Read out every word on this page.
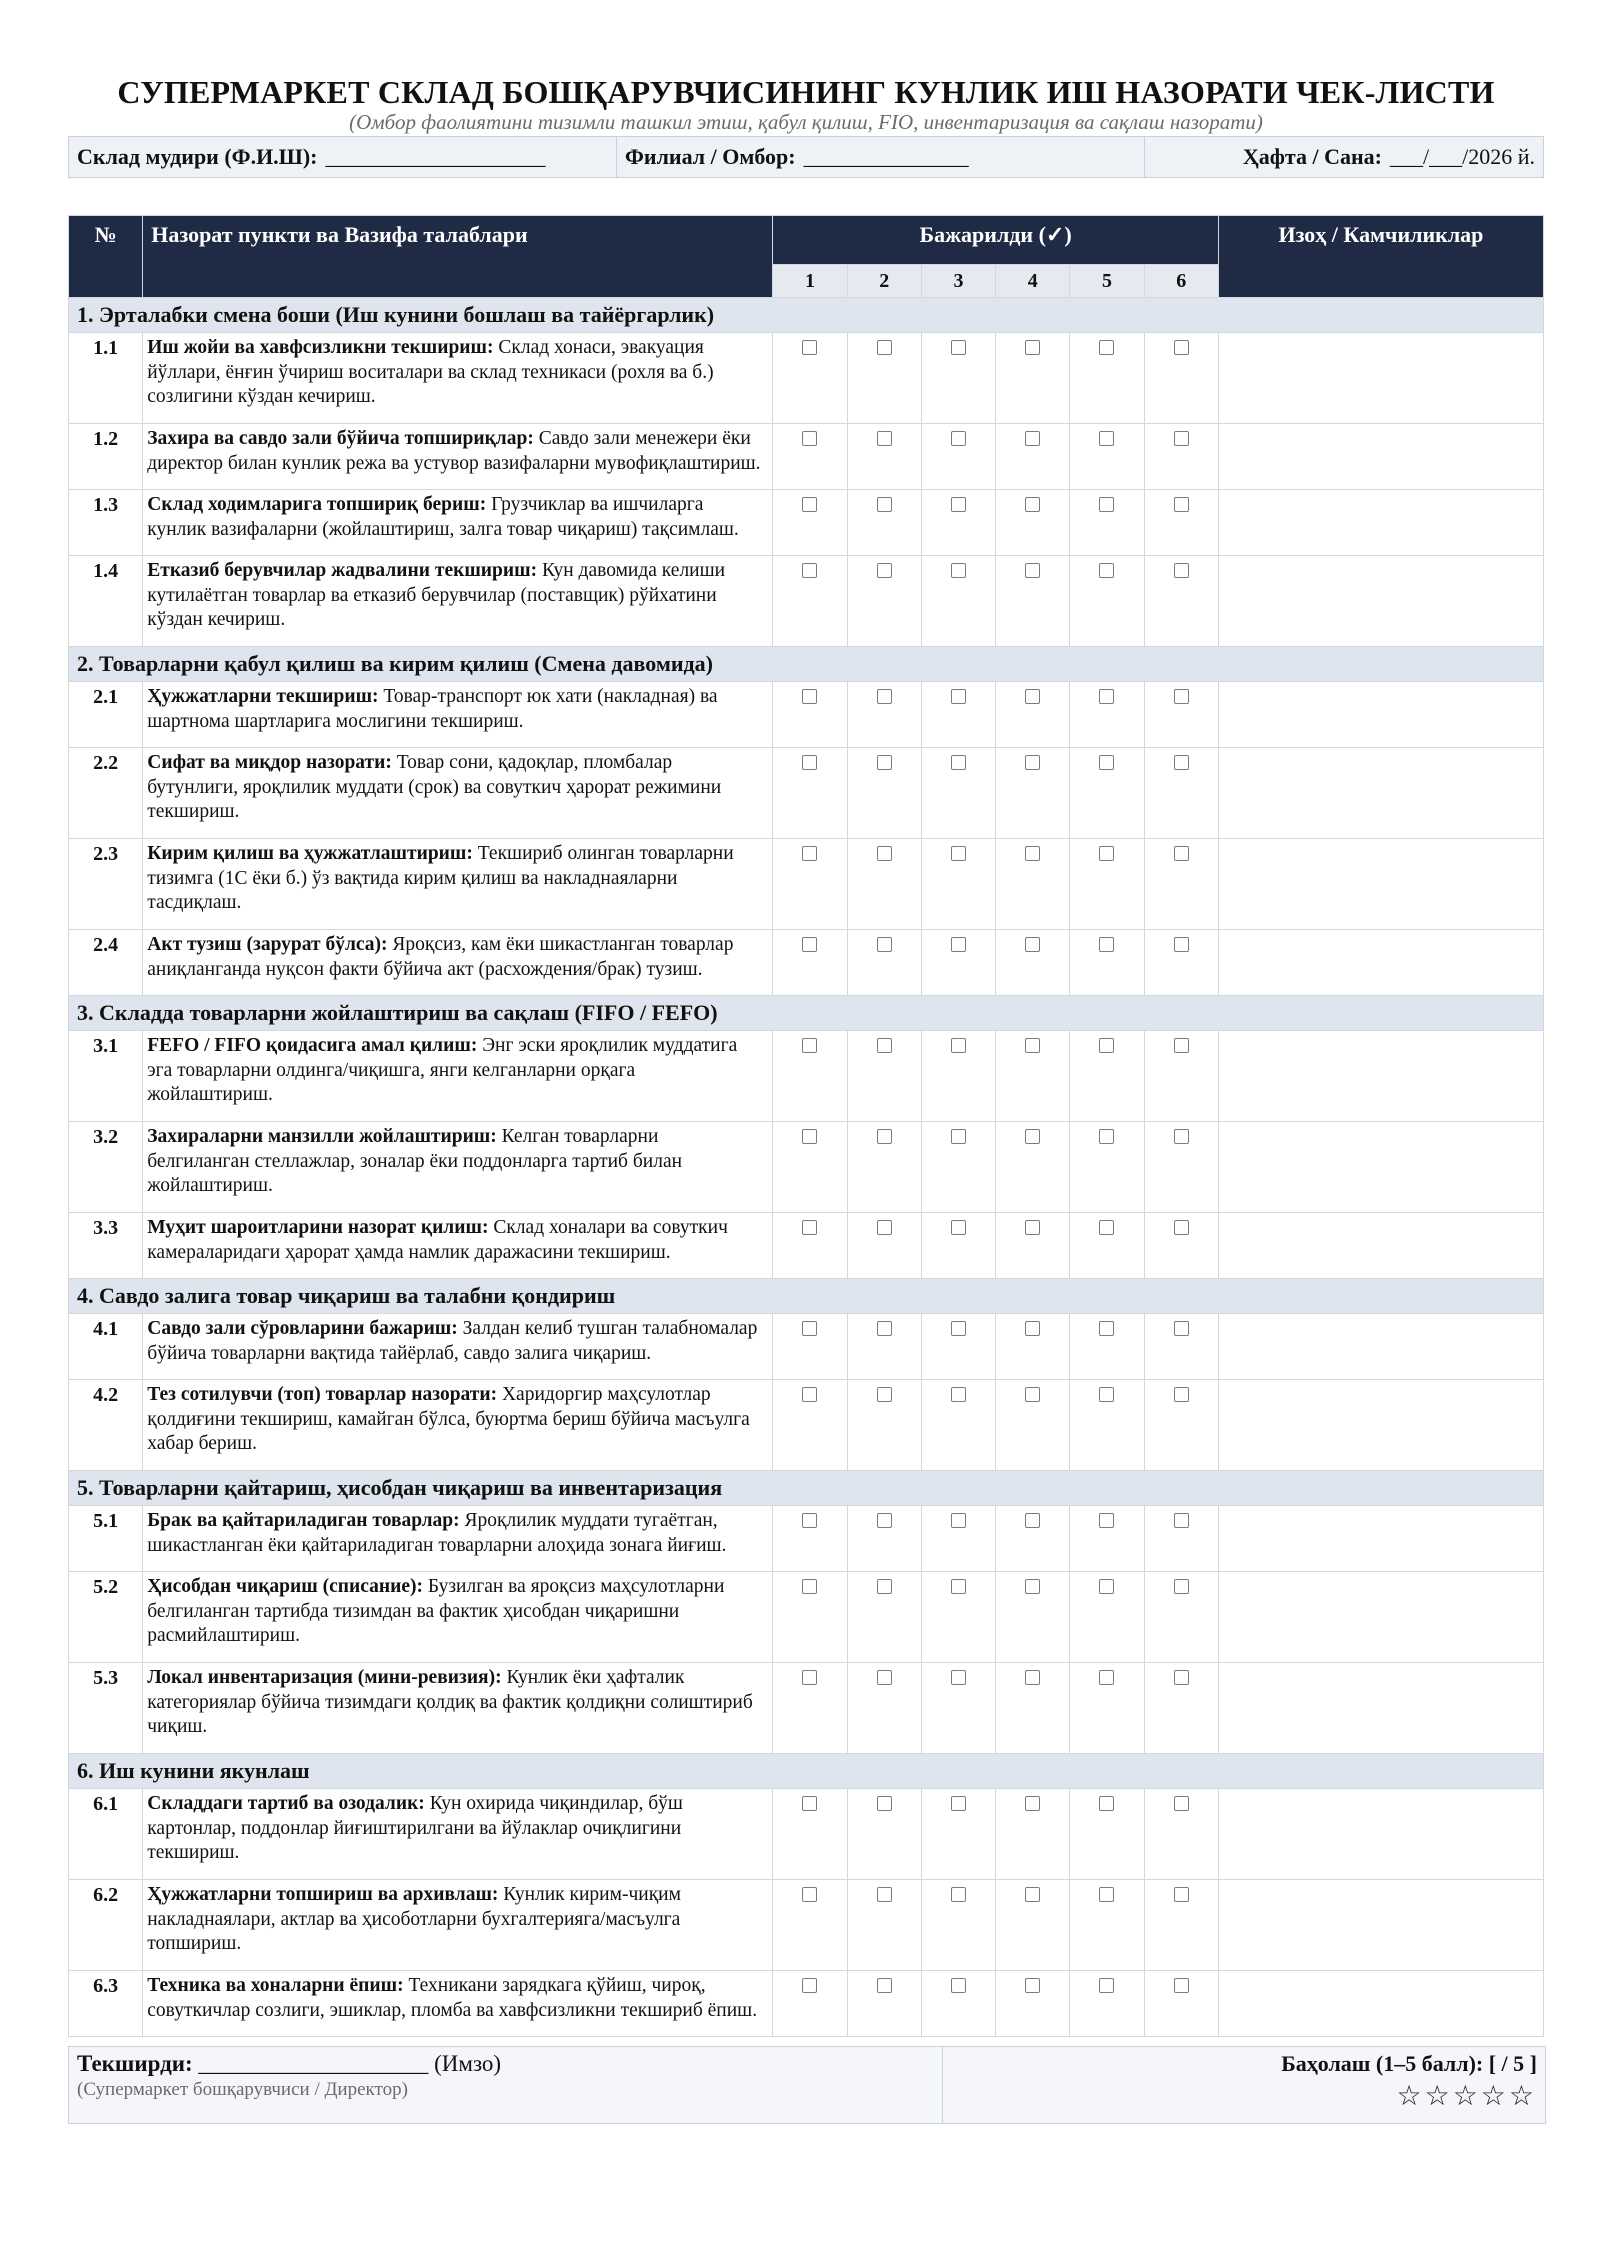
СУПЕРМАРКЕТ СКЛАД БОШҚАРУВЧИСИНИНГ КУНЛИК ИШ НАЗОРАТИ ЧЕК-ЛИСТИ
(Омбор фаолиятини тизимли ташкил этиш, қабул қилиш, FIO, инвентаризация ва сақлаш назорати)
Склад мудири (Ф.И.Ш): ____________________	Филиал / Омбор: _______________	Ҳафта / Сана: ___/___/2026 й.
№	Назорат пункти ва Вазифа талаблари	Бажарилди (✓)						Изоҳ / Камчиликлар
		1	2	3	4	5	6	
1. Эрталабки смена боши (Иш кунини бошлаш ва тайёргарлик)								
1.1	Иш жойи ва хавфсизликни текшириш: Склад хонаси, эвакуация йўллари, ёнғин ўчириш воситалари ва склад техникаси (рохля ва б.) созлигини кўздан кечириш.							
1.2	Захира ва савдо зали бўйича топшириқлар: Савдо зали менежери ёки директор билан кунлик режа ва устувор вазифаларни мувофиқлаштириш.							
1.3	Склад ходимларига топшириқ бериш: Грузчиклар ва ишчиларга кунлик вазифаларни (жойлаштириш, залга товар чиқариш) тақсимлаш.							
1.4	Етказиб берувчилар жадвалини текшириш: Кун давомида келиши кутилаётган товарлар ва етказиб берувчилар (поставщик) рўйхатини кўздан кечириш.							
2. Товарларни қабул қилиш ва кирим қилиш (Смена давомида)								
2.1	Ҳужжатларни текшириш: Товар-транспорт юк хати (накладная) ва шартнома шартларига мослигини текшириш.							
2.2	Сифат ва миқдор назорати: Товар сони, қадоқлар, пломбалар бутунлиги, яроқлилик муддати (срок) ва совуткич ҳарорат режимини текшириш.							
2.3	Кирим қилиш ва ҳужжатлаштириш: Текшириб олинган товарларни тизимга (1С ёки б.) ўз вақтида кирим қилиш ва накладнаяларни тасдиқлаш.							
2.4	Акт тузиш (зарурат бўлса): Яроқсиз, кам ёки шикастланган товарлар аниқланганда нуқсон факти бўйича акт (расхождения/брак) тузиш.							
3. Складда товарларни жойлаштириш ва сақлаш (FIFO / FEFO)								
3.1	FEFO / FIFO қоидасига амал қилиш: Энг эски яроқлилик муддатига эга товарларни олдинга/чиқишга, янги келганларни орқага жойлаштириш.							
3.2	Захираларни манзилли жойлаштириш: Келган товарларни белгиланган стеллажлар, зоналар ёки поддонларга тартиб билан жойлаштириш.							
3.3	Муҳит шароитларини назорат қилиш: Склад хоналари ва совуткич камераларидаги ҳарорат ҳамда намлик даражасини текшириш.							
4. Савдо залига товар чиқариш ва талабни қондириш								
4.1	Савдо зали сўровларини бажариш: Залдан келиб тушган талабномалар бўйича товарларни вақтида тайёрлаб, савдо залига чиқариш.							
4.2	Тез сотилувчи (топ) товарлар назорати: Харидоргир маҳсулотлар қолдиғини текшириш, камайган бўлса, буюртма бериш бўйича масъулга хабар бериш.							
5. Товарларни қайтариш, ҳисобдан чиқариш ва инвентаризация								
5.1	Брак ва қайтариладиган товарлар: Яроқлилик муддати тугаётган, шикастланган ёки қайтариладиган товарларни алоҳида зонага йиғиш.							
5.2	Ҳисобдан чиқариш (списание): Бузилган ва яроқсиз маҳсулотларни белгиланган тартибда тизимдан ва фактик ҳисобдан чиқаришни расмийлаштириш.							
5.3	Локал инвентаризация (мини-ревизия): Кунлик ёки ҳафталик категориялар бўйича тизимдаги қолдиқ ва фактик қолдиқни солиштириб чиқиш.							
6. Иш кунини якунлаш								
6.1	Складдаги тартиб ва озодалик: Кун охирида чиқиндилар, бўш картонлар, поддонлар йиғиштирилгани ва йўлаклар очиқлигини текшириш.							
6.2	Ҳужжатларни топшириш ва архивлаш: Кунлик кирим-чиқим накладнаялари, актлар ва ҳисоботларни бухгалтерияга/масъулга топшириш.							
6.3	Техника ва хоналарни ёпиш: Техникани зарядкага қўйиш, чироқ, совуткичлар созлиги, эшиклар, пломба ва хавфсизликни текшириб ёпиш.							
Текширди: ____________________ (Имзо)
(Супермаркет бошқарувчиси / Директор)
Баҳолаш (1–5 балл): [ / 5 ]
☆☆☆☆☆
